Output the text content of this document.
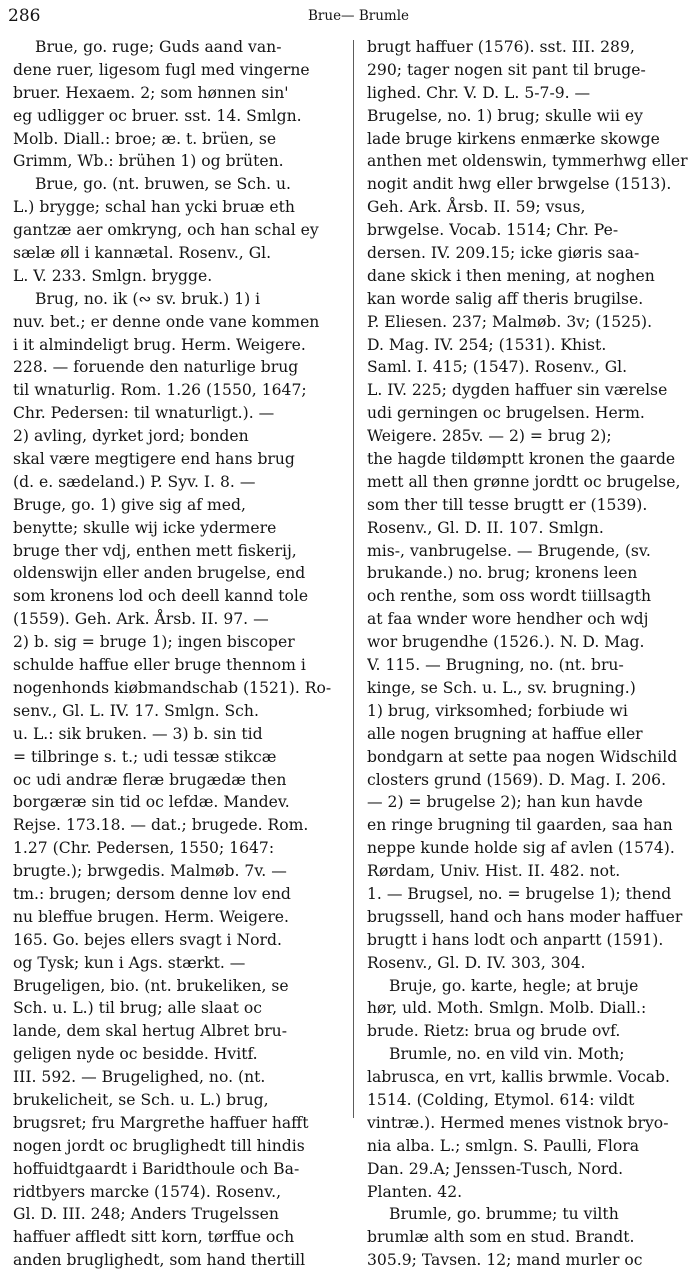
286	Brue— Brumle
Brue, go. ruge; Guds aand van-
dene ruer, ligesom fugl med vingerne
bruer. Hexaem. 2; som hønnen sin'
eg udligger oc bruer. sst. 14. Smlgn.
Molb. Diall.: broe; æ. t. brüen, se
Grimm, Wb.: brühen 1) og brüten.
Brue, go. (nt. bruwen, se Sch. u.
L.) brygge; schal han ycki bruæ eth
gantzæ aer omkryng, och han schal ey
sælæ øll i kannætal. Rosenv., Gl.
L. V. 233. Smlgn. brygge.
Brug, no. ik (∾ sv. bruk.) 1) i
nuv. bet.; er denne onde vane kommen
i it almindeligt brug. Herm. Weigere.
228. — foruende den naturlige brug
til wnaturlig. Rom. 1.26 (1550, 1647;
Chr. Pedersen: til wnaturligt.). —
2) avling, dyrket jord; bonden
skal være megtigere end hans brug
(d. e. sædeland.) P. Syv. I. 8. —
Bruge, go. 1) give sig af med,
benytte; skulle wij icke ydermere
bruge ther vdj, enthen mett fiskerij,
oldenswijn eller anden brugelse, end
som kronens lod och deell kannd tole
(1559). Geh. Ark. Årsb. II. 97. —
2) b. sig = bruge 1); ingen biscoper
schulde haffue eller bruge thennom i
nogenhonds kiøbmandschab (1521). Ro-
senv., Gl. L. IV. 17. Smlgn. Sch.
u. L.: sik bruken. — 3) b. sin tid
= tilbringe s. t.; udi tessæ stikcæ
oc udi andræ fleræ brugædæ then
borgæræ sin tid oc lefdæ. Mandev.
Rejse. 173.18. — dat.; brugede. Rom.
1.27 (Chr. Pedersen, 1550; 1647:
brugte.); brwgedis. Malmøb. 7v. —
tm.: brugen; dersom denne lov end
nu bleffue brugen. Herm. Weigere.
165. Go. bejes ellers svagt i Nord.
og Tysk; kun i Ags. stærkt. —
Brugeligen, bio. (nt. brukeliken, se
Sch. u. L.) til brug; alle slaat oc
lande, dem skal hertug Albret bru-
geligen nyde oc besidde. Hvitf.
III. 592. — Brugelighed, no. (nt.
brukelicheit, se Sch. u. L.) brug,
brugsret; fru Margrethe haffuer hafft
nogen jordt oc bruglighedt till hindis
hoffuidtgaardt i Baridthoule och Ba-
ridtbyers marcke (1574). Rosenv.,
Gl. D. III. 248; Anders Trugelssen
haffuer affledt sitt korn, tørffue och
anden bruglighedt, som hand thertill
brugt haffuer (1576). sst. III. 289,
290; tager nogen sit pant til bruge-
lighed. Chr. V. D. L. 5-7-9. —
Brugelse, no. 1) brug; skulle wii ey
lade bruge kirkens enmærke skowge
anthen met oldenswin, tymmerhwg eller
nogit andit hwg eller brwgelse (1513).
Geh. Ark. Årsb. II. 59; vsus,
brwgelse. Vocab. 1514; Chr. Pe-
dersen. IV. 209.15; icke giøris saa-
dane skick i then mening, at noghen
kan worde salig aff theris brugilse.
P. Eliesen. 237; Malmøb. 3v; (1525).
D. Mag. IV. 254; (1531). Khist.
Saml. I. 415; (1547). Rosenv., Gl.
L. IV. 225; dygden haffuer sin værelse
udi gerningen oc brugelsen. Herm.
Weigere. 285v. — 2) = brug 2);
the hagde tildømptt kronen the gaarde
mett all then grønne jordtt oc brugelse,
som ther till tesse brugtt er (1539).
Rosenv., Gl. D. II. 107. Smlgn.
mis-, vanbrugelse. — Brugende, (sv.
brukande.) no. brug; kronens leen
och renthe, som oss wordt tiillsagth
at faa wnder wore hendher och wdj
wor brugendhe (1526.). N. D. Mag.
V. 115. — Brugning, no. (nt. bru-
kinge, se Sch. u. L., sv. brugning.)
1) brug, virksomhed; forbiude wi
alle nogen brugning at haffue eller
bondgarn at sette paa nogen Widschild
closters grund (1569). D. Mag. I. 206.
— 2) = brugelse 2); han kun havde
en ringe brugning til gaarden, saa han
neppe kunde holde sig af avlen (1574).
Rørdam, Univ. Hist. II. 482. not.
1. — Brugsel, no. = brugelse 1); thend
brugssell, hand och hans moder haffuer
brugtt i hans lodt och anpartt (1591).
Rosenv., Gl. D. IV. 303, 304.
Bruje, go. karte, hegle; at bruje
hør, uld. Moth. Smlgn. Molb. Diall.:
brude. Rietz: brua og brude ovf.
Brumle, no. en vild vin. Moth;
labrusca, en vrt, kallis brwmle. Vocab.
1514. (Colding, Etymol. 614: vildt
vintræ.). Hermed menes vistnok bryo-
nia alba. L.; smlgn. S. Paulli, Flora
Dan. 29.A; Jenssen-Tusch, Nord.
Planten. 42.
Brumle, go. brumme; tu vilth
brumlæ alth som en stud. Brandt.
305.9; Tavsen. 12; mand murler oc
